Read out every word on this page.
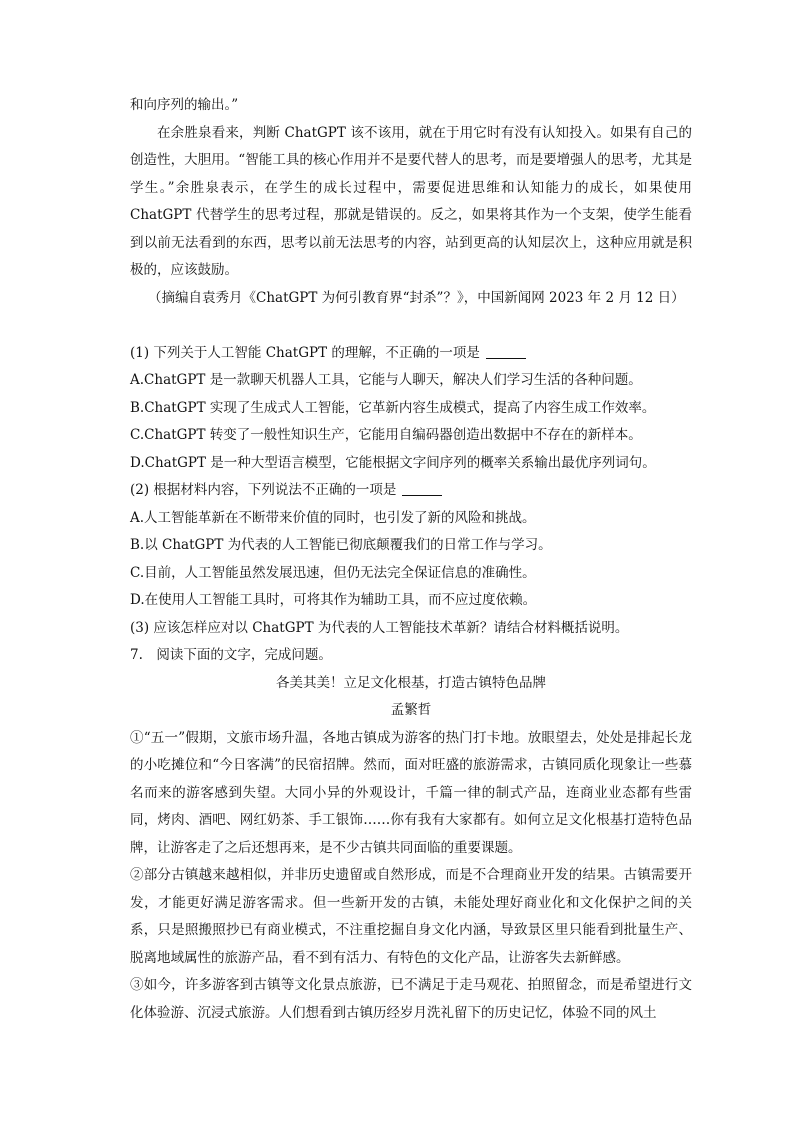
和向序列的输出。”

在余胜泉看来，判断 ChatGPT 该不该用，就在于用它时有没有认知投入。如果有自己的创造性，大胆用。“智能工具的核心作用并不是要代替人的思考，而是要增强人的思考，尤其是学生。”余胜泉表示，在学生的成长过程中，需要促进思维和认知能力的成长，如果使用 ChatGPT 代替学生的思考过程，那就是错误的。反之，如果将其作为一个支架，使学生能看到以前无法看到的东西，思考以前无法思考的内容，站到更高的认知层次上，这种应用就是积极的，应该鼓励。

（摘编自袁秀月《ChatGPT 为何引教育界“封杀”？》，中国新闻网 2023 年 2 月 12 日）

(1) 下列关于人工智能 ChatGPT 的理解，不正确的一项是

A.ChatGPT 是一款聊天机器人工具，它能与人聊天，解决人们学习生活的各种问题。

B.ChatGPT 实现了生成式人工智能，它革新内容生成模式，提高了内容生成工作效率。

C.ChatGPT 转变了一般性知识生产，它能用自编码器创造出数据中不存在的新样本。

D.ChatGPT 是一种大型语言模型，它能根据文字间序列的概率关系输出最优序列词句。

(2) 根据材料内容，下列说法不正确的一项是

A.人工智能革新在不断带来价值的同时，也引发了新的风险和挑战。

B.以 ChatGPT 为代表的人工智能已彻底颠覆我们的日常工作与学习。

C.目前，人工智能虽然发展迅速，但仍无法完全保证信息的准确性。

D.在使用人工智能工具时，可将其作为辅助工具，而不应过度依赖。

(3) 应该怎样应对以 ChatGPT 为代表的人工智能技术革新？请结合材料概括说明。

7.　阅读下面的文字，完成问题。

各美其美！立足文化根基，打造古镇特色品牌

孟繁哲

①“五一”假期，文旅市场升温，各地古镇成为游客的热门打卡地。放眼望去，处处是排起长龙的小吃摊位和“今日客满”的民宿招牌。然而，面对旺盛的旅游需求，古镇同质化现象让一些慕名而来的游客感到失望。大同小异的外观设计，千篇一律的制式产品，连商业业态都有些雷同，烤肉、酒吧、网红奶茶、手工银饰……你有我有大家都有。如何立足文化根基打造特色品牌，让游客走了之后还想再来，是不少古镇共同面临的重要课题。

②部分古镇越来越相似，并非历史遗留或自然形成，而是不合理商业开发的结果。古镇需要开发，才能更好满足游客需求。但一些新开发的古镇，未能处理好商业化和文化保护之间的关系，只是照搬照抄已有商业模式，不注重挖掘自身文化内涵，导致景区里只能看到批量生产、脱离地域属性的旅游产品，看不到有活力、有特色的文化产品，让游客失去新鲜感。

③如今，许多游客到古镇等文化景点旅游，已不满足于走马观花、拍照留念，而是希望进行文化体验游、沉浸式旅游。人们想看到古镇历经岁月洗礼留下的历史记忆，体验不同的风土
